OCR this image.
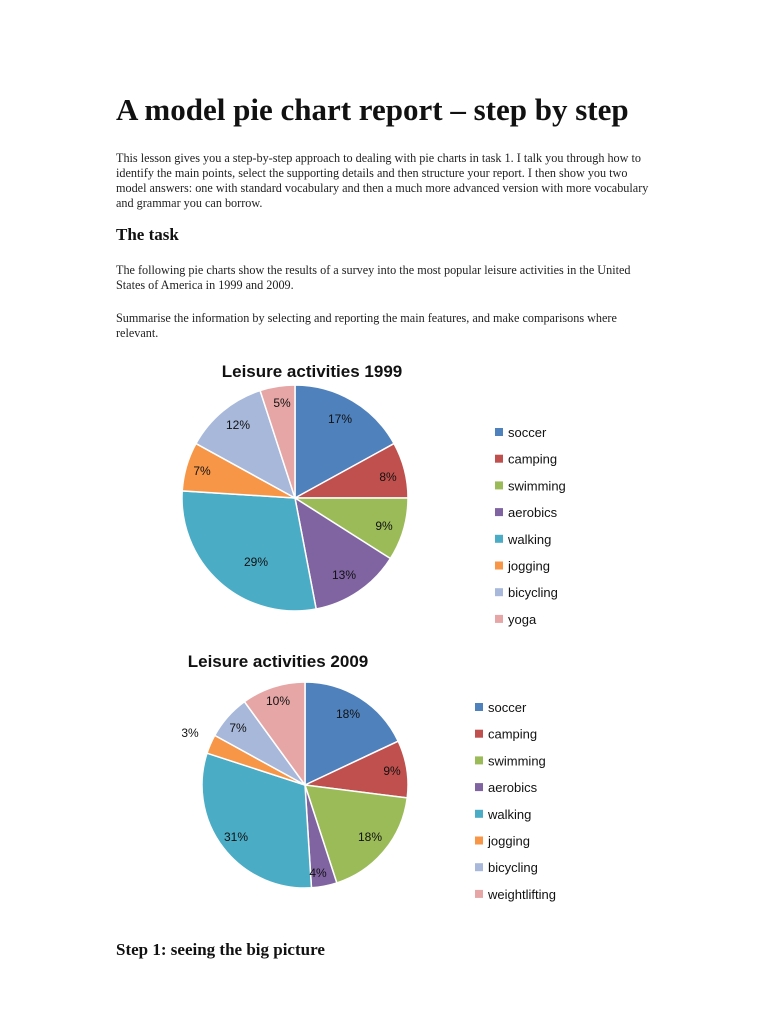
A model pie chart report – step by step

This lesson gives you a step-by-step approach to dealing with pie charts in task 1. I talk you through how to identify the main points, select the supporting details and then structure your report. I then show you two model answers: one with standard vocabulary and then a much more advanced version with more vocabulary and grammar you can borrow.

The task

The following pie charts show the results of a survey into the most popular leisure activities in the United States of America in 1999 and 2009.

Summarise the information by selecting and reporting the main features, and make comparisons where relevant.

Leisure activities 1999
17%
8%
9%
13%
29%
7%
12%
5%
soccer
camping
swimming
aerobics
walking
jogging
bicycling
yoga
Leisure activities 2009
18%
9%
18%
4%
31%
3%	7%
10%	soccer
camping
swimming
aerobics
walking
jogging
bicycling
weightlifting
Step 1: seeing the big picture
